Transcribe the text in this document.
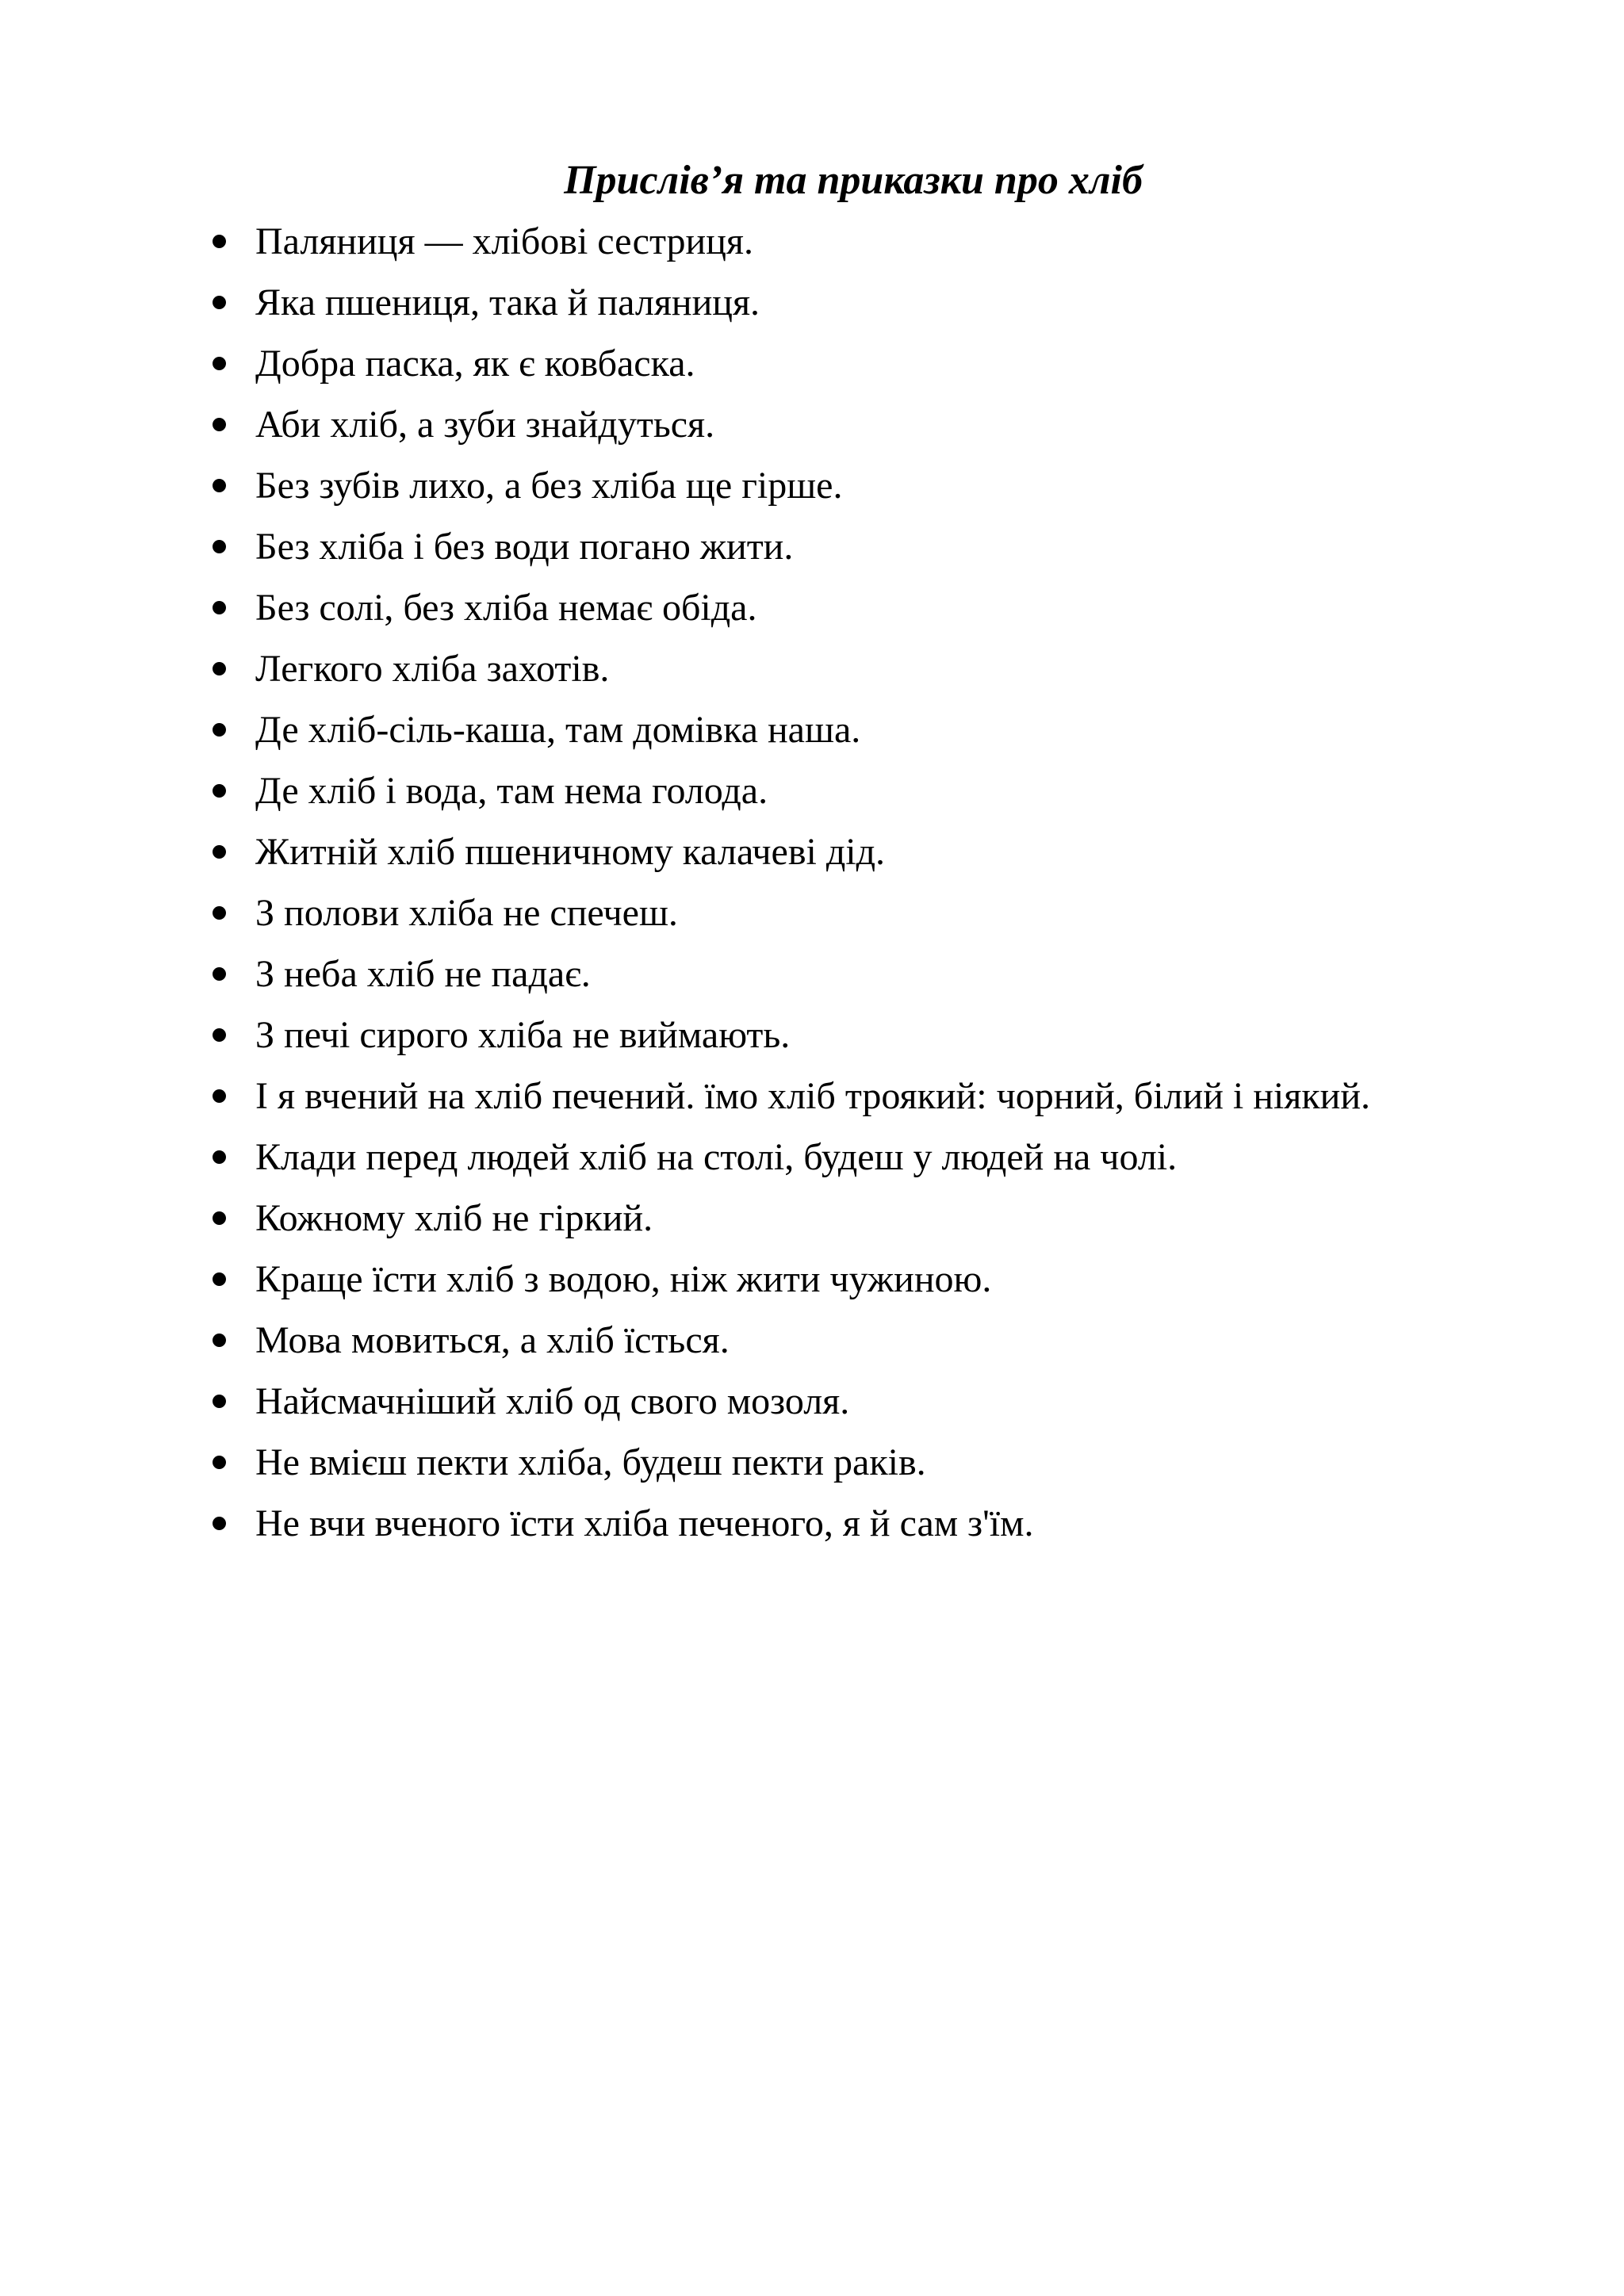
Прислів’я та приказки про хліб
Паляниця — хлібові сестриця.
Яка пшениця, така й паляниця.
Добра паска, як є ковбаска.
Аби хліб, а зуби знайдуться.
Без зубів лихо, а без хліба ще гірше.
Без хліба і без води погано жити.
Без солі, без хліба немає обіда.
Легкого хліба захотів.
Де хліб-сіль-каша, там домівка наша.
Де хліб і вода, там нема голода.
Житній хліб пшеничному калачеві дід.
З полови хліба не спечеш.
З неба хліб не падає.
З печі сирого хліба не виймають.
І я вчений на хліб печений. їмо хліб троякий: чорний, білий і ніякий.
Клади перед людей хліб на столі, будеш у людей на чолі.
Кожному хліб не гіркий.
Краще їсти хліб з водою, ніж жити чужиною.
Мова мовиться, а хліб їсться.
Найсмачніший хліб од свого мозоля.
Не вмієш пекти хліба, будеш пекти раків.
Не вчи вченого їсти хліба печеного, я й сам з'їм.
